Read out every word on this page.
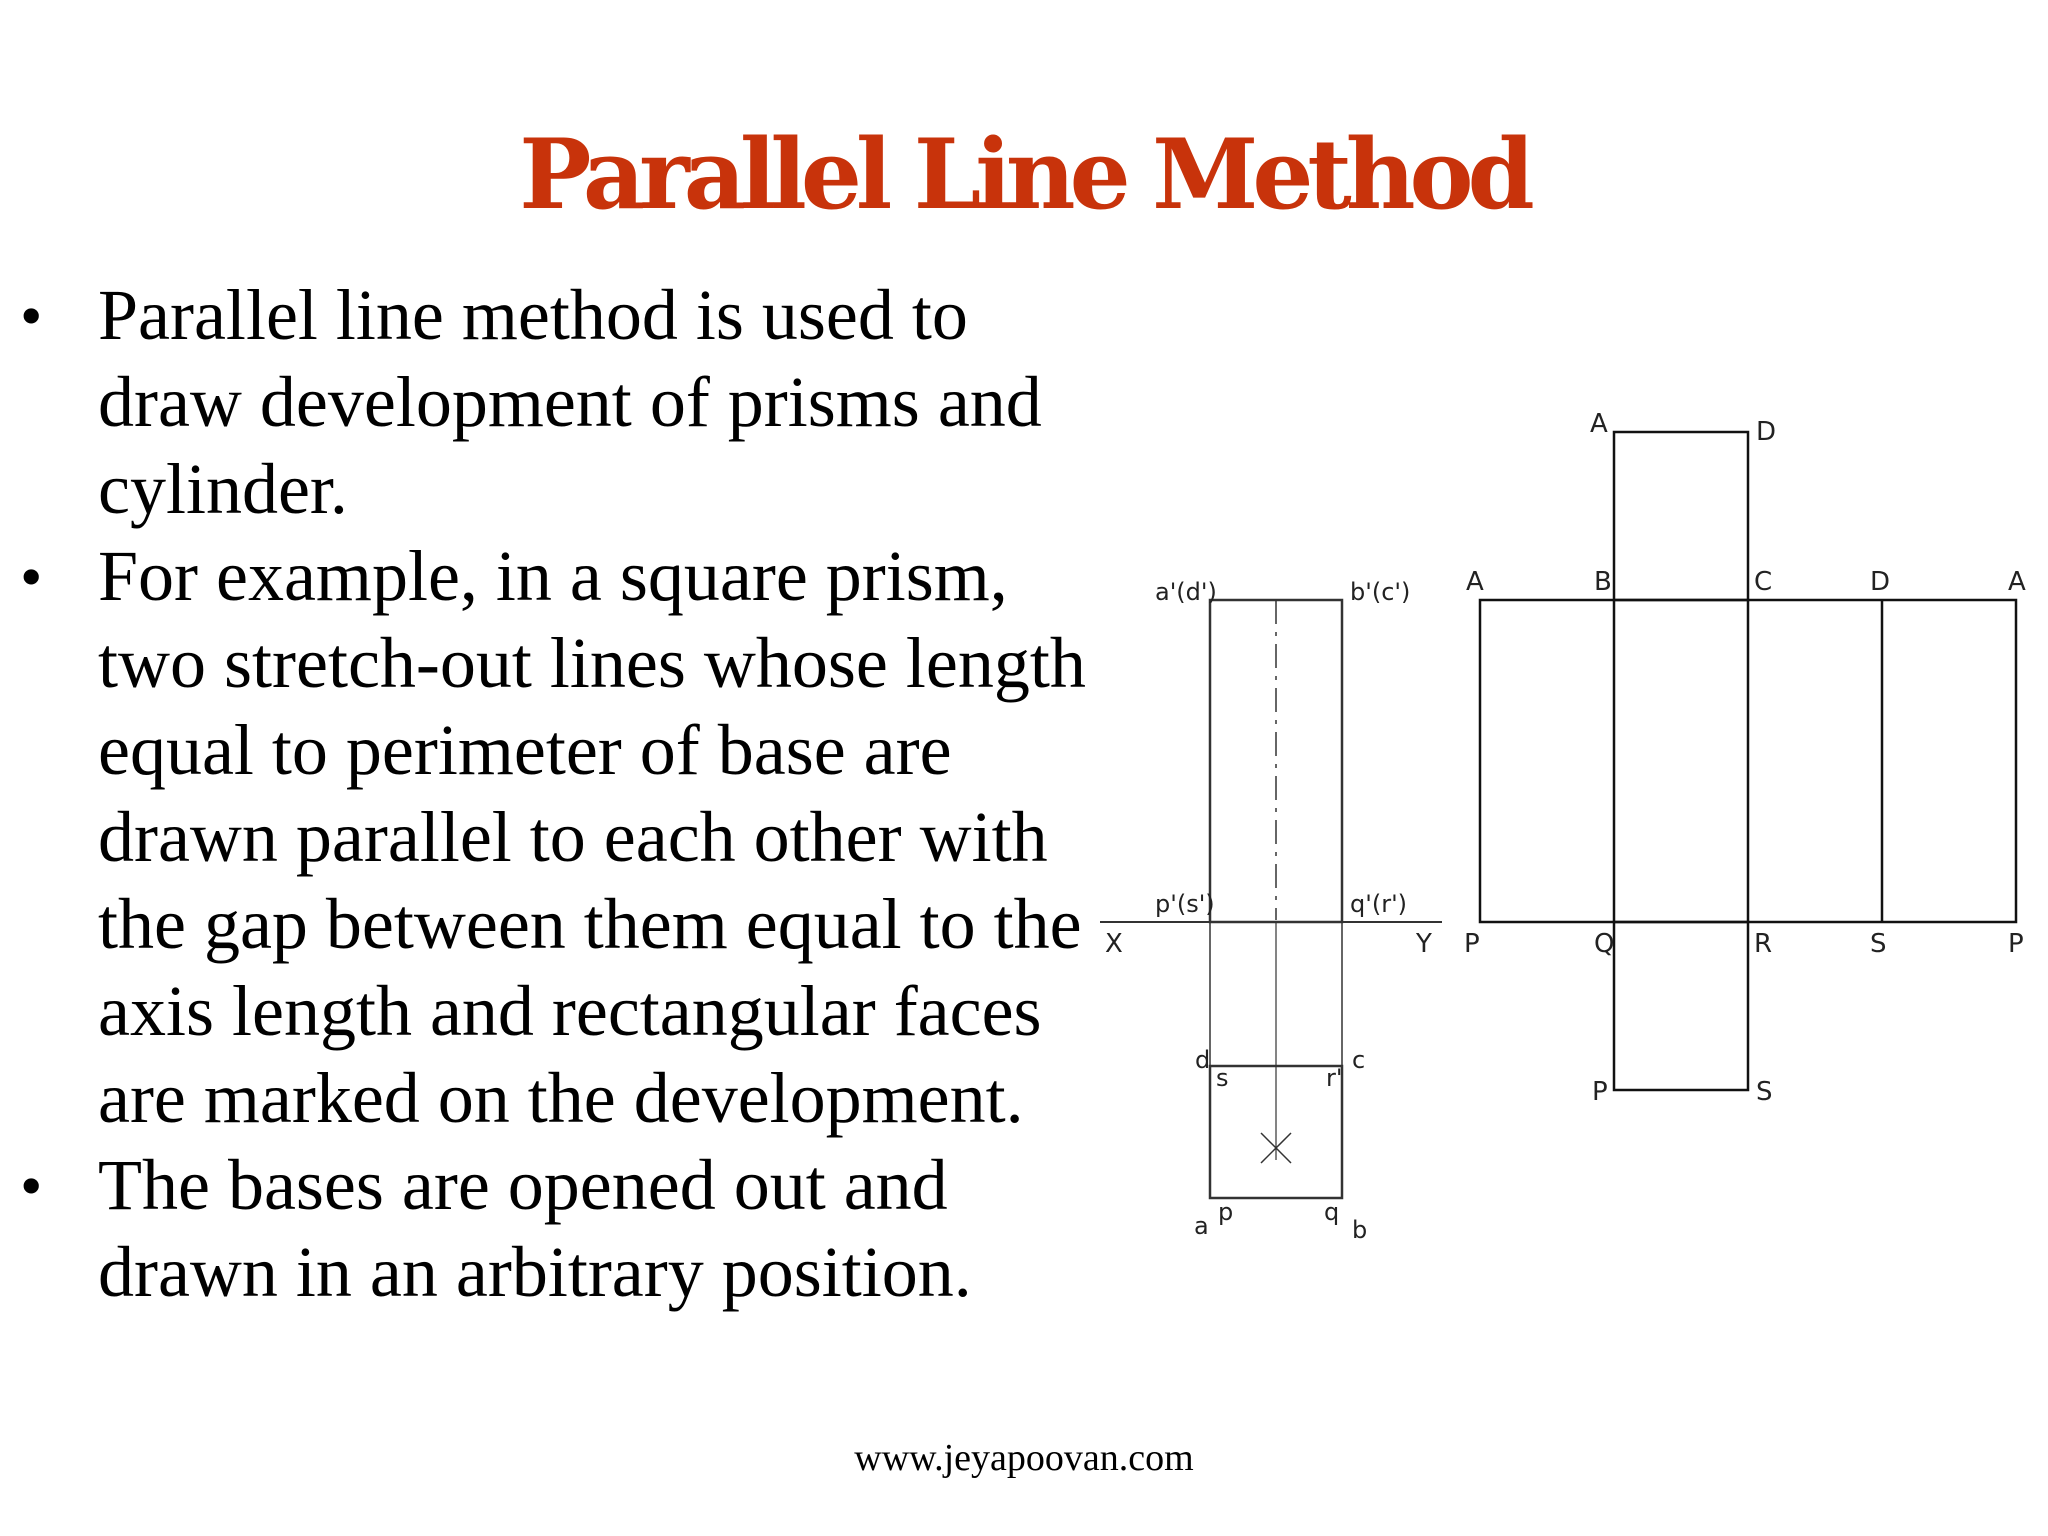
Parallel Line Method
• Parallel line method is used to draw development of prisms and cylinder.
• For example, in a square prism, two stretch-out lines whose length equal to perimeter of base are drawn parallel to each other with the gap between them equal to the axis length and rectangular faces are marked on the development.
• The bases are opened out and drawn in an arbitrary position.
a'(d')	b'(c')
p'(s')	q'(r')
X	Y
d
s	r'
c
a p	q
b
A	D
A	B	C	D	A
P	Q	R	S	P
P	S
www.jeyapoovan.com
